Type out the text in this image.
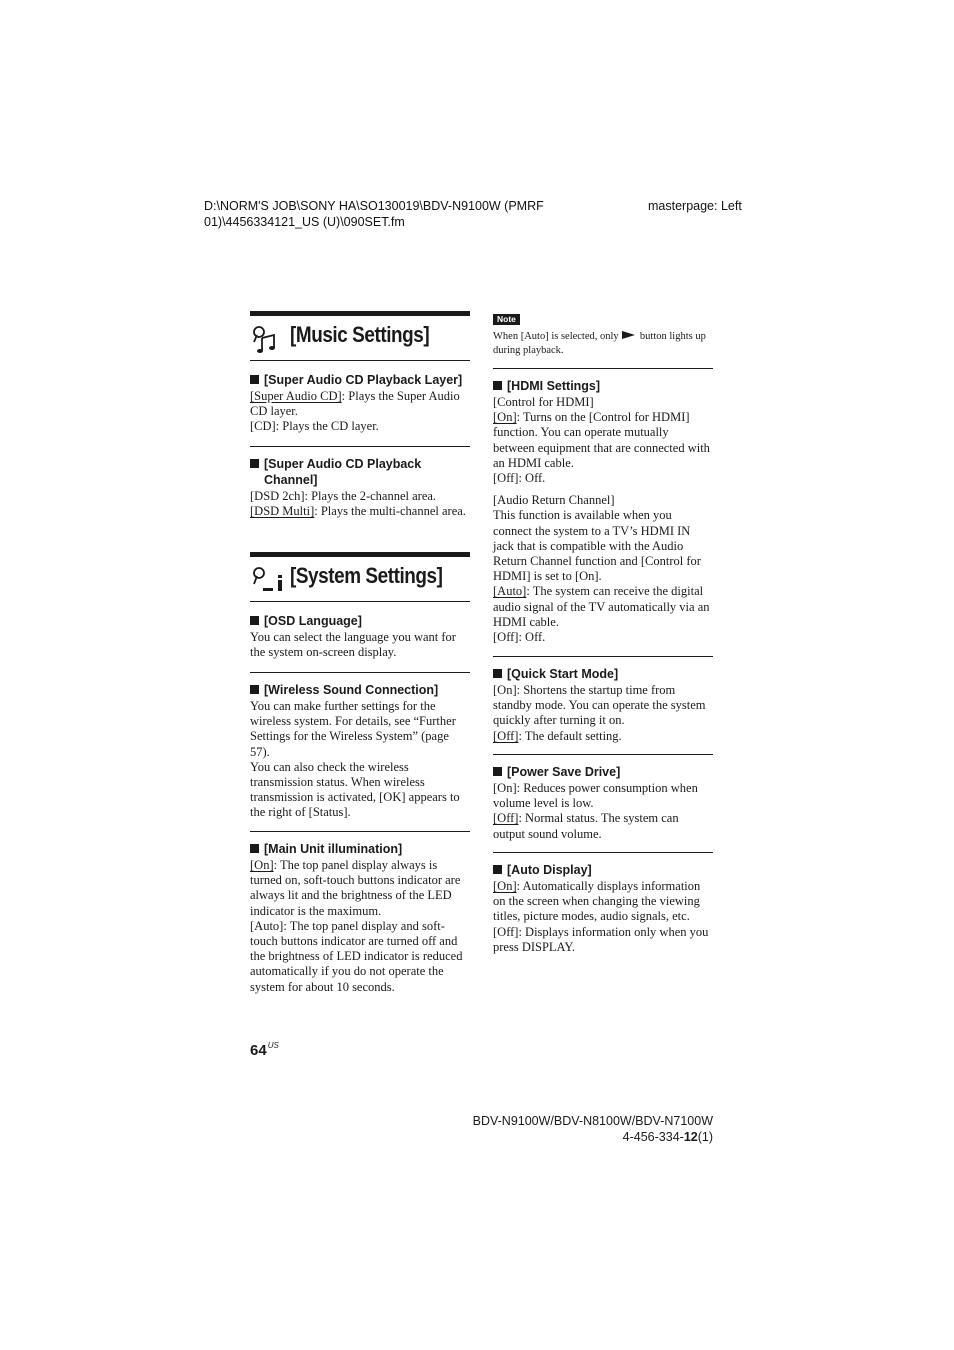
D:\NORM'S JOB\SONY HA\SO130019\BDV-N9100W (PMRF 01)\4456334121_US (U)\090SET.fm
masterpage: Left
[Music Settings]
[Super Audio CD Playback Layer]

[Super Audio CD]: Plays the Super Audio CD layer.

[CD]: Plays the CD layer.

[Super Audio CD Playback Channel]

[DSD 2ch]: Plays the 2-channel area.

[DSD Multi]: Plays the multi-channel area.

[System Settings]
[OSD Language]

You can select the language you want for the system on-screen display.

[Wireless Sound Connection]

You can make further settings for the wireless system. For details, see “Further Settings for the Wireless System” (page 57).

You can also check the wireless transmission status. When wireless transmission is activated, [OK] appears to the right of [Status].

[Main Unit illumination]

[On]: The top panel display always is turned on, soft-touch buttons indicator are always lit and the brightness of the LED indicator is the maximum.

[Auto]: The top panel display and soft-touch buttons indicator are turned off and the brightness of LED indicator is reduced automatically if you do not operate the system for about 10 seconds.

Note
When [Auto] is selected, only button lights up during playback.
[HDMI Settings]

[Control for HDMI]

[On]: Turns on the [Control for HDMI] function. You can operate mutually between equipment that are connected with an HDMI cable.

[Off]: Off.

[Audio Return Channel]

This function is available when you connect the system to a TV’s HDMI IN jack that is compatible with the Audio Return Channel function and [Control for HDMI] is set to [On].

[Auto]: The system can receive the digital audio signal of the TV automatically via an HDMI cable.

[Off]: Off.

[Quick Start Mode]

[On]: Shortens the startup time from standby mode. You can operate the system quickly after turning it on.

[Off]: The default setting.

[Power Save Drive]

[On]: Reduces power consumption when volume level is low.

[Off]: Normal status. The system can output sound volume.

[Auto Display]

[On]: Automatically displays information on the screen when changing the viewing titles, picture modes, audio signals, etc.

[Off]: Displays information only when you press DISPLAY.

$64^{US}$
BDV-N9100W/BDV-N8100W/BDV-N7100W
4-456-334-12(1)
